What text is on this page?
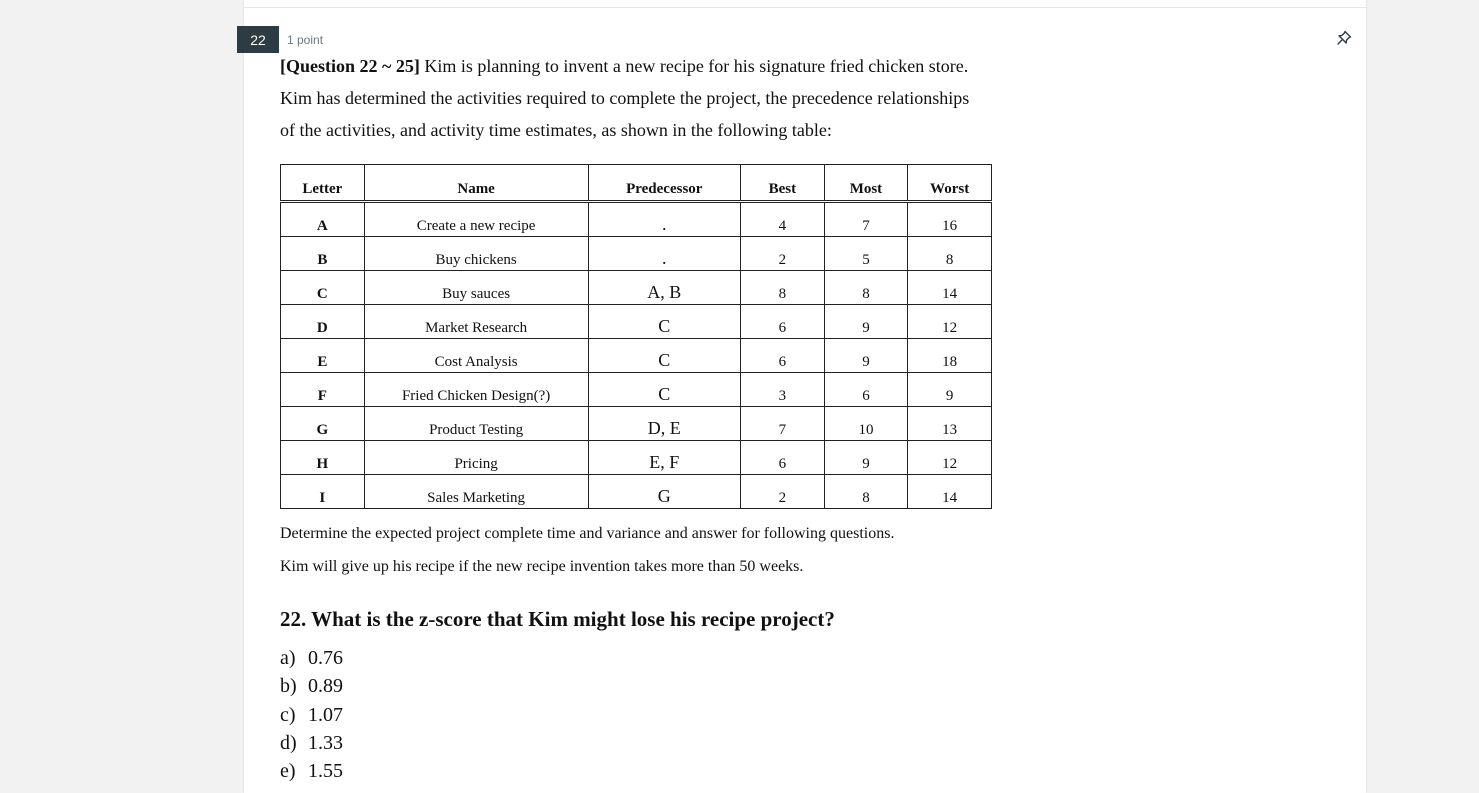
22	1 point
[Question 22 ~ 25] Kim is planning to invent a new recipe for his signature fried chicken store.
Kim has determined the activities required to complete the project, the precedence relationships
of the activities, and activity time estimates, as shown in the following table:
Letter	Name	Predecessor	Best	Most	Worst
A	Create a new recipe	.	4	7	16
B	Buy chickens	.	2	5	8
C	Buy sauces	A, B	8	8	14
D	Market Research	C	6	9	12
E	Cost Analysis	C	6	9	18
F	Fried Chicken Design(?)	C	3	6	9
G	Product Testing	D, E	7	10	13
H	Pricing	E, F	6	9	12
I	Sales Marketing	G	2	8	14
Determine the expected project complete time and variance and answer for following questions.
Kim will give up his recipe if the new recipe invention takes more than 50 weeks.
22. What is the z-score that Kim might lose his recipe project?
a) 0.76
b) 0.89
c) 1.07
d) 1.33
e) 1.55
